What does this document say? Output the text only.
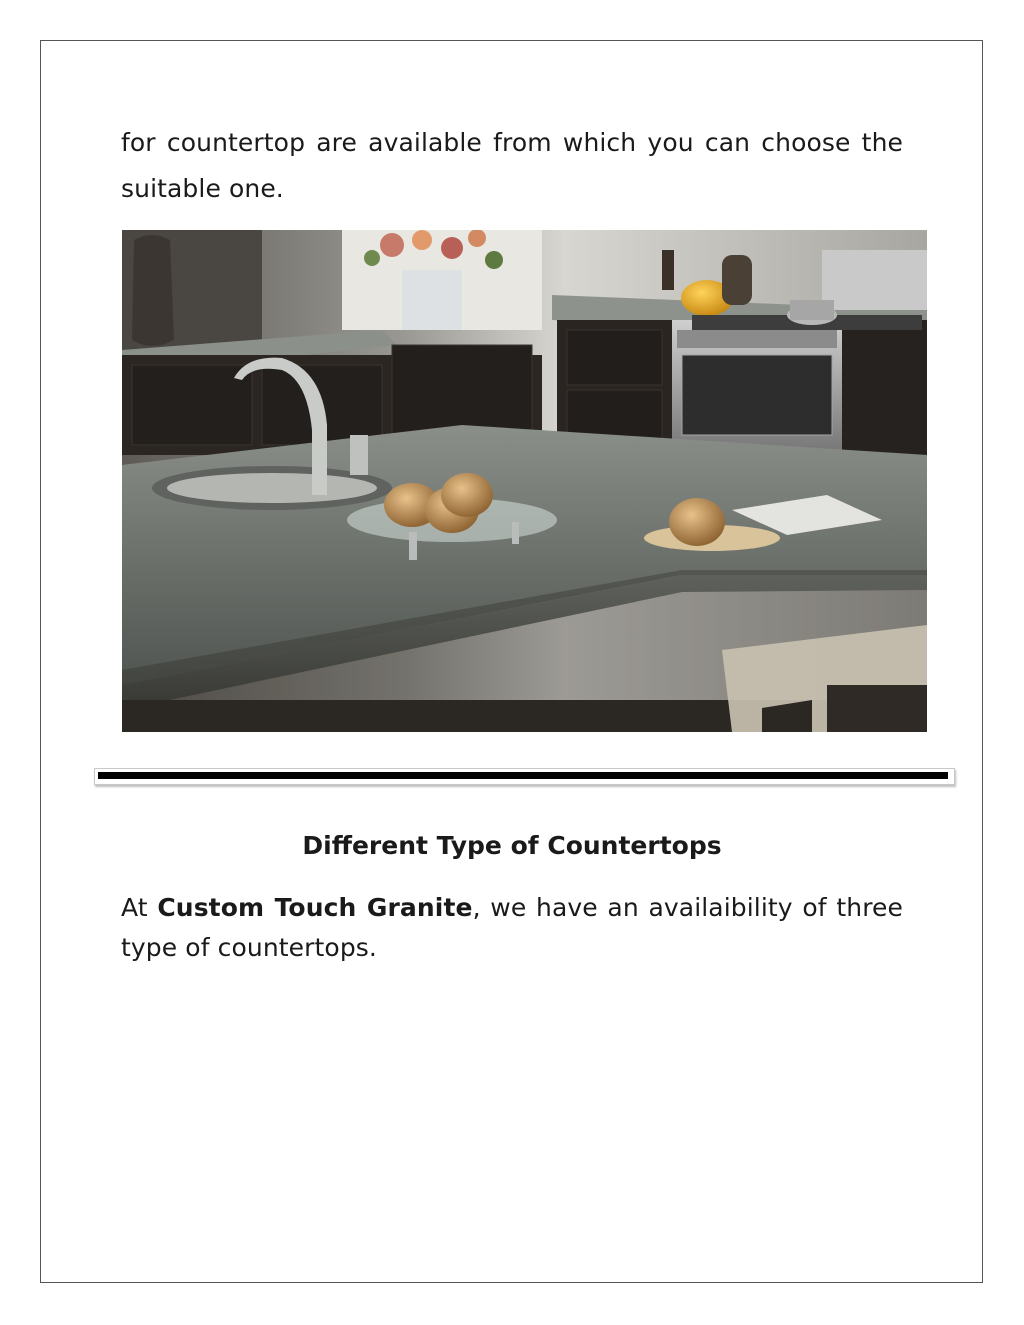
for countertop are available from which you can choose the suitable one.

Different Type of Countertops

At Custom Touch Granite, we have an availaibility of three type of countertops.
